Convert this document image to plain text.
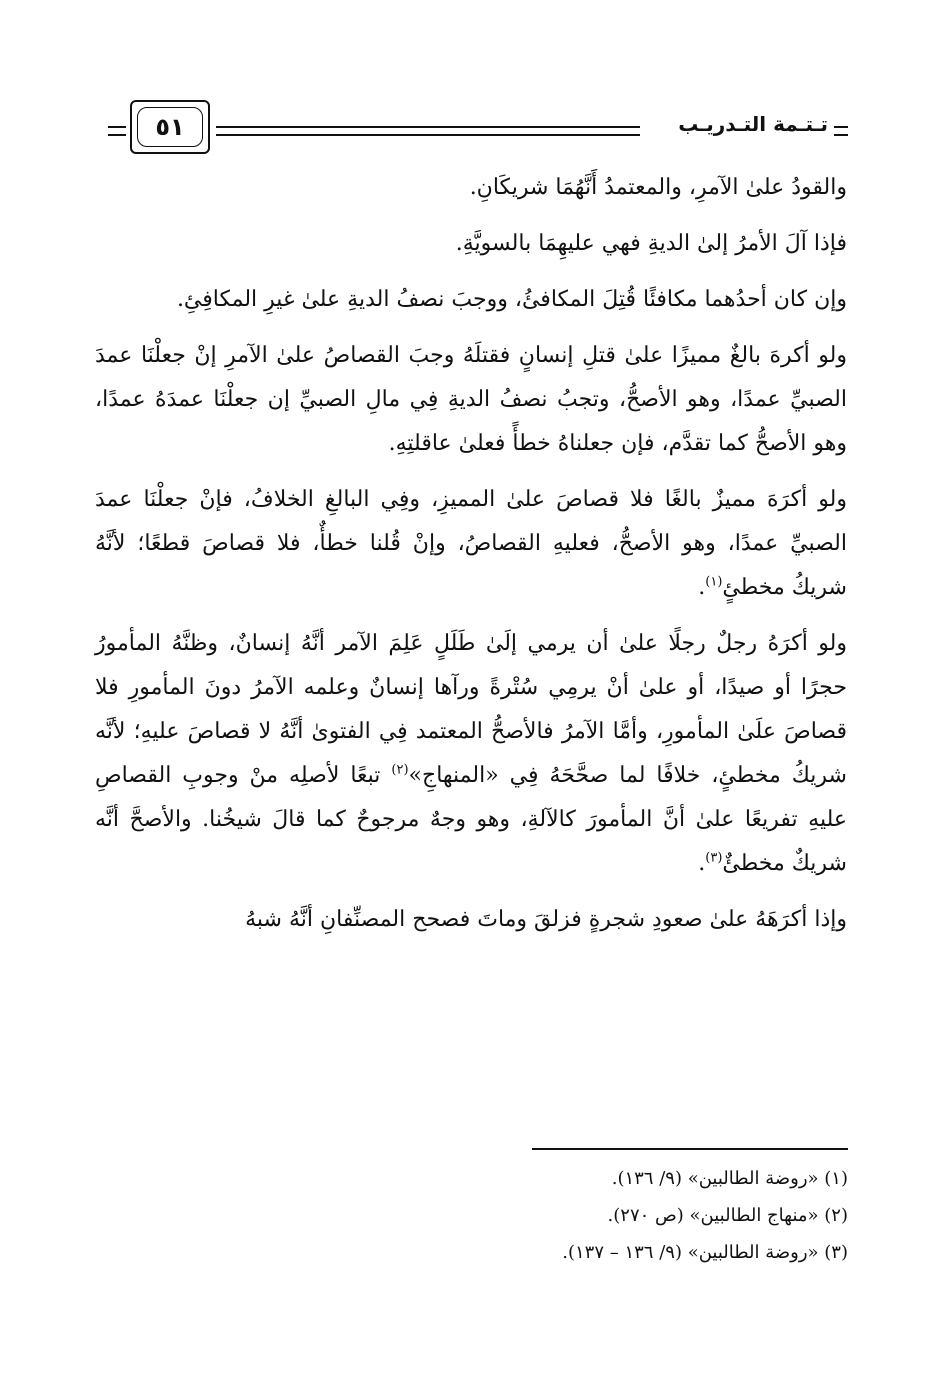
٥١	تـتـمة التـدريـب

والقودُ علىٰ الآمرِ، والمعتمدُ أَنَّهُمَا شريكَانِ.

فإذا آلَ الأمرُ إلىٰ الديةِ فهي عليهِمَا بالسويَّةِ.

وإن كان أحدُهما مكافئًا قُتِلَ المكافئُ، ووجبَ نصفُ الديةِ علىٰ غيرِ المكافِئِ.

ولو أكرهَ بالغٌ مميزًا علىٰ قتلِ إنسانٍ فقتلَهُ وجبَ القصاصُ علىٰ الآمرِ إنْ جعلْنَا عمدَ الصبيِّ عمدًا، وهو الأصحُّ، وتجبُ نصفُ الديةِ فِي مالِ الصبيِّ إن جعلْنَا عمدَهُ عمدًا، وهو الأصحُّ كما تقدَّم، فإن جعلناهُ خطأً فعلىٰ عاقلتِهِ.

ولو أكرَهَ مميزٌ بالغًا فلا قصاصَ علىٰ المميزِ، وفِي البالغِ الخلافُ، فإنْ جعلْنَا عمدَ الصبيِّ عمدًا، وهو الأصحُّ، فعليهِ القصاصُ، وإنْ قُلنا خطأٌ، فلا قصاصَ قطعًا؛ لأنَّهُ شريكُ مخطئٍ$^{(١)}$.

ولو أكرَهُ رجلٌ رجلًا علىٰ أن يرمي إلَىٰ طَلَلٍ عَلِمَ الآمر أنَّهُ إنسانٌ، وظنَّهُ المأمورُ حجرًا أو صيدًا، أو علىٰ أنْ يرمِي سُتْرةً ورآها إنسانٌ وعلمه الآمرُ دونَ المأمورِ فلا قصاصَ علَىٰ المأمورِ، وأمَّا الآمرُ فالأصحُّ المعتمد فِي الفتوىٰ أنَّهُ لا قصاصَ عليهِ؛ لأنَّه شريكُ مخطئٍ، خلافًا لما صحَّحَهُ فِي «المنهاجِ»$^{(٢)}$ تبعًا لأصلِه منْ وجوبِ القصاصِ عليهِ تفريعًا علىٰ أنَّ المأمورَ كالآلةِ، وهو وجهٌ مرجوحٌ كما قالَ شيخُنا. والأصحَّ أنَّه شريكٌ مخطئٌ$^{(٣)}$.

وإذا أكرَهَهُ علىٰ صعودِ شجرةٍ فزلقَ وماتَ فصحح المصنِّفانِ أنَّهُ شبهُ

(١) «روضة الطالبين» (٩/ ١٣٦).
(٢) «منهاج الطالبين» (ص ٢٧٠).
(٣) «روضة الطالبين» (٩/ ١٣٦ – ١٣٧).
